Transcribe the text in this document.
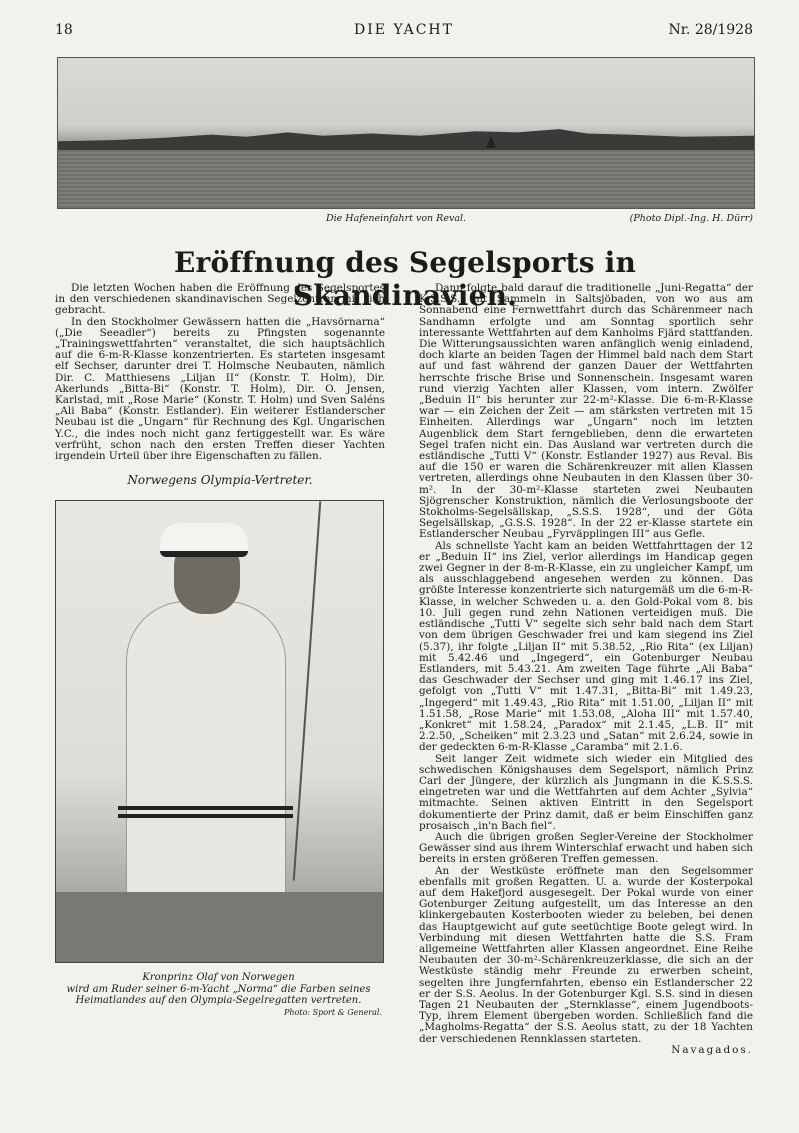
18	DIE YACHT	Nr. 28/1928
Die Hafeneinfahrt von Reval.	(Photo Dipl.-Ing. H. Dürr)
Eröffnung des Segelsports in Skandinavien.

Die letzten Wochen haben die Eröffnung des Segelsportes in den verschiedenen skandinavischen Segelzentren mit sich gebracht.

In den Stockholmer Gewässern hatten die „Havsörnarna“ („Die Seeadler“) bereits zu Pfingsten sogenannte „Trainingswettfahrten“ veranstaltet, die sich hauptsächlich auf die 6-m-R-Klasse konzentrierten. Es starteten insgesamt elf Sechser, darunter drei T. Holmsche Neubauten, nämlich Dir. C. Matthiesens „Liljan II“ (Konstr. T. Holm), Dir. Akerlunds „Bitta-Bi“ (Konstr. T. Holm), Dir. O. Jensen, Karlstad, mit „Rose Marie“ (Konstr. T. Holm) und Sven Saléns „Ali Baba“ (Konstr. Estlander). Ein weiterer Estlanderscher Neubau ist die „Ungarn“ für Rechnung des Kgl. Ungarischen Y.C., die indes noch nicht ganz fertiggestellt war. Es wäre verfrüht, schon nach den ersten Treffen dieser Yachten irgendein Urteil über ihre Eigenschaften zu fällen.

Norwegens Olympia-Vertreter.
Kronprinz Olaf von Norwegen
wird am Ruder seiner 6-m-Yacht „Norma“ die Farben seines
Heimatlandes auf den Olympia-Segelregatten vertreten.
Photo: Sport & General.

Dann folgte bald darauf die traditionelle „Juni-Regatta“ der K.S.S.S. mit Sammeln in Saltsjöbaden, von wo aus am Sonnabend eine Fernwettfahrt durch das Schärenmeer nach Sandhamn erfolgte und am Sonntag sportlich sehr interessante Wettfahrten auf dem Kanholms Fjärd stattfanden. Die Witterungsaussichten waren anfänglich wenig einladend, doch klarte an beiden Tagen der Himmel bald nach dem Start auf und fast während der ganzen Dauer der Wettfahrten herrschte frische Brise und Sonnenschein. Insgesamt waren rund vierzig Yachten aller Klassen, vom intern. Zwölfer „Beduin II“ bis herunter zur 22-m²-Klasse. Die 6-m-R-Klasse war — ein Zeichen der Zeit — am stärksten vertreten mit 15 Einheiten. Allerdings war „Ungarn“ noch im letzten Augenblick dem Start ferngeblieben, denn die erwarteten Segel trafen nicht ein. Das Ausland war vertreten durch die estländische „Tutti V“ (Konstr. Estlander 1927) aus Reval. Bis auf die 150 er waren die Schärenkreuzer mit allen Klassen vertreten, allerdings ohne Neubauten in den Klassen über 30-m². In der 30-m²-Klasse starteten zwei Neubauten Sjögrenscher Konstruktion, nämlich die Verlosungsboote der Stokholms-Segelsällskap, „S.S.S. 1928“, und der Göta Segelsällskap, „G.S.S. 1928“. In der 22 er-Klasse startete ein Estlanderscher Neubau „Fyrväpplingen III“ aus Gefle.

Als schnellste Yacht kam an beiden Wettfahrttagen der 12 er „Beduin II“ ins Ziel, verlor allerdings im Handicap gegen zwei Gegner in der 8-m-R-Klasse, ein zu ungleicher Kampf, um als ausschlaggebend angesehen werden zu können. Das größte Interesse konzentrierte sich naturgemäß um die 6-m-R-Klasse, in welcher Schweden u. a. den Gold-Pokal vom 8. bis 10. Juli gegen rund zehn Nationen verteidigen muß. Die estländische „Tutti V“ segelte sich sehr bald nach dem Start von dem übrigen Geschwader frei und kam siegend ins Ziel (5.37), ihr folgte „Liljan II“ mit 5.38.52, „Rio Rita“ (ex Liljan) mit 5.42.46 und „Ingegerd“, ein Gotenburger Neubau Estlanders, mit 5.43.21. Am zweiten Tage führte „Ali Baba“ das Geschwader der Sechser und ging mit 1.46.17 ins Ziel, gefolgt von „Tutti V“ mit 1.47.31, „Bitta-Bi“ mit 1.49.23, „Ingegerd“ mit 1.49.43, „Rio Rita“ mit 1.51.00, „Liljan II“ mit 1.51.58, „Rose Marie“ mit 1.53.08, „Aloha III“ mit 1.57.40, „Konkret“ mit 1.58.24, „Paradox“ mit 2.1.45, „L.B. II“ mit 2.2.50, „Scheiken“ mit 2.3.23 und „Satan“ mit 2.6.24, sowie in der gedeckten 6-m-R-Klasse „Caramba“ mit 2.1.6.

Seit langer Zeit widmete sich wieder ein Mitglied des schwedischen Königshauses dem Segelsport, nämlich Prinz Carl der Jüngere, der kürzlich als Jungmann in die K.S.S.S. eingetreten war und die Wettfahrten auf dem Achter „Sylvia“ mitmachte. Seinen aktiven Eintritt in den Segelsport dokumentierte der Prinz damit, daß er beim Einschiffen ganz prosaisch „in'n Bach fiel“.

Auch die übrigen großen Segler-Vereine der Stockholmer Gewässer sind aus ihrem Winterschlaf erwacht und haben sich bereits in ersten größeren Treffen gemessen.

An der Westküste eröffnete man den Segelsommer ebenfalls mit großen Regatten. U. a. wurde der Kosterpokal auf dem Hakefjord ausgesegelt. Der Pokal wurde von einer Gotenburger Zeitung aufgestellt, um das Interesse an den klinkergebauten Kosterbooten wieder zu beleben, bei denen das Hauptgewicht auf gute seetüchtige Boote gelegt wird. In Verbindung mit diesen Wettfahrten hatte die S.S. Fram allgemeine Wettfahrten aller Klassen angeordnet. Eine Reihe Neubauten der 30-m²-Schärenkreuzerklasse, die sich an der Westküste ständig mehr Freunde zu erwerben scheint, segelten ihre Jungfernfahrten, ebenso ein Estlanderscher 22 er der S.S. Aeolus. In der Gotenburger Kgl. S.S. sind in diesen Tagen 21 Neubauten der „Sternklasse“, einem Jugendboots-Typ, ihrem Element übergeben worden. Schließlich fand die „Magholms-Regatta“ der S.S. Aeolus statt, zu der 18 Yachten der verschiedenen Rennklassen starteten.

Navagados.
